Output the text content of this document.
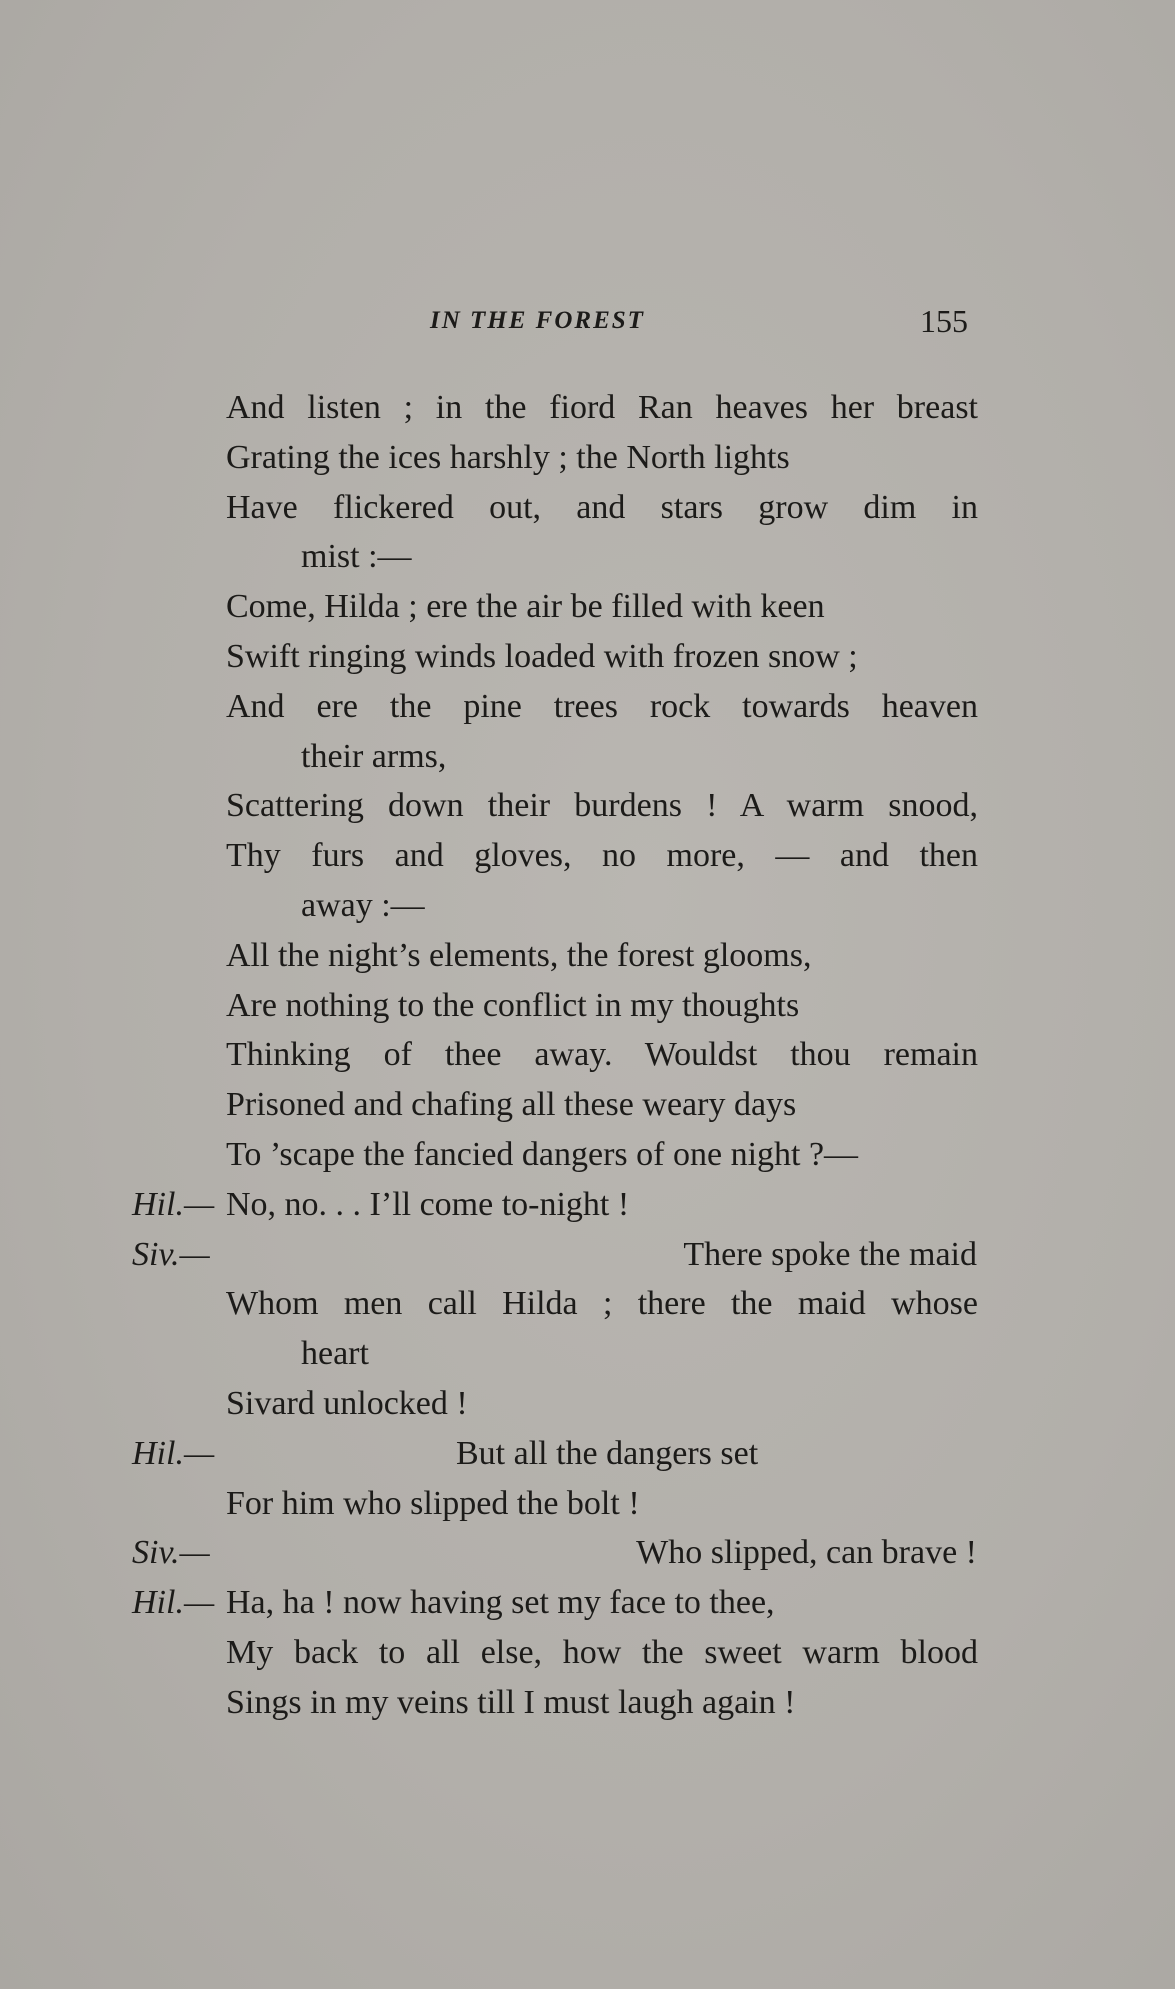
IN THE FOREST	155
And listen ; in the fiord Ran heaves her breast
Grating the ices harshly ; the North lights
Have flickered out, and stars grow dim in
mist :—
Come, Hilda ; ere the air be filled with keen
Swift ringing winds loaded with frozen snow ;
And ere the pine trees rock towards heaven
their arms,
Scattering down their burdens ! A warm snood,
Thy furs and gloves, no more, — and then
away :—
All the night’s elements, the forest glooms,
Are nothing to the conflict in my thoughts
Thinking of thee away. Wouldst thou remain
Prisoned and chafing all these weary days
To ’scape the fancied dangers of one night ?—
Hil.— No, no. . . I’ll come to-night !
Siv.—	There spoke the maid
Whom men call Hilda ; there the maid whose
heart
Sivard unlocked !
Hil.—	But all the dangers set
For him who slipped the bolt !
Siv.—	Who slipped, can brave !
Hil.— Ha, ha ! now having set my face to thee,
My back to all else, how the sweet warm blood
Sings in my veins till I must laugh again !
